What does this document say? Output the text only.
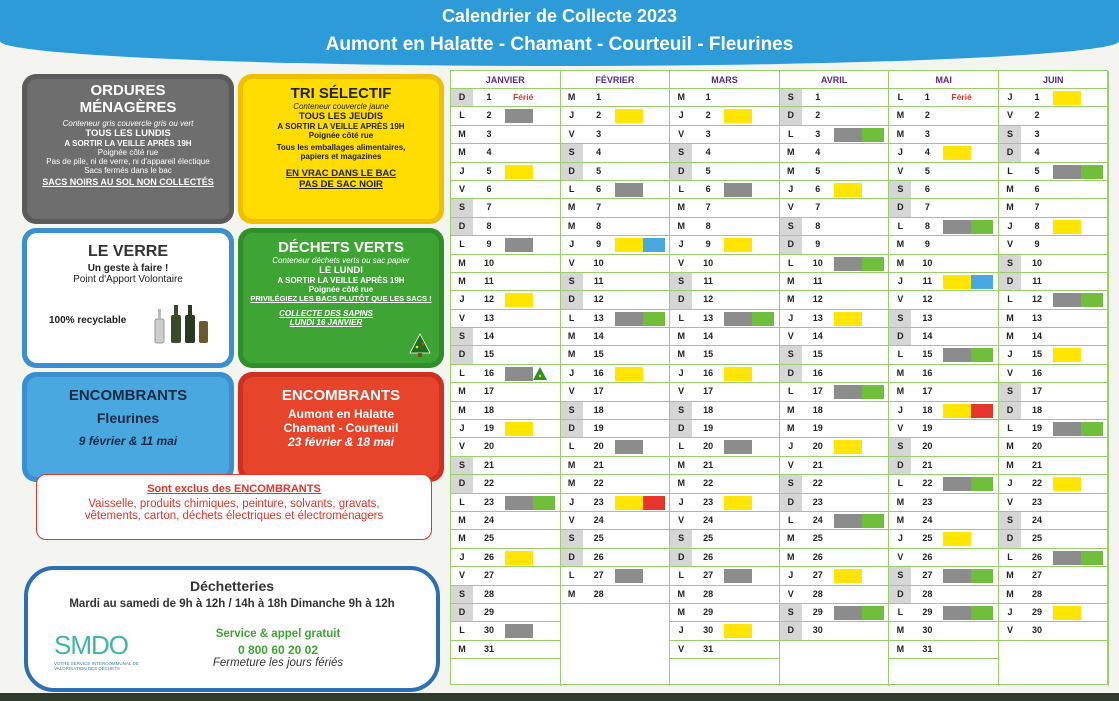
Calendrier de Collecte 2023
Aumont en Halatte - Chamant - Courteuil - Fleurines
ORDURES
MÉNAGÈRES
Conteneur gris couvercle gris ou vert
TOUS LES LUNDIS
A SORTIR LA VEILLE APRÈS 19H
Poignée côté rue
Pas de pile, ni de verre, ni d'appareil électique
Sacs fermés dans le bac
SACS NOIRS AU SOL NON COLLECTÉS
TRI SÉLECTIF
Conteneur couvercle jaune
TOUS LES JEUDIS
A SORTIR LA VEILLE APRÈS 19H
Poignée côté rue
Tous les emballages alimentaires,
papiers et magazines
EN VRAC DANS LE BAC
PAS DE SAC NOIR
LE VERRE
Un geste à faire !
Point d'Apport Volontaire
100% recyclable
DÉCHETS VERTS
Conteneur déchets verts ou sac papier
LE LUNDI
A SORTIR LA VEILLE APRÈS 19H
Poignée côté rue
PRIVILÉGIEZ LES BACS PLUTÔT QUE LES SACS !
COLLECTE DES SAPINS
LUNDI 16 JANVIER
ENCOMBRANTS
Fleurines
9 février & 11 mai
ENCOMBRANTS
Aumont en Halatte
Chamant - Courteuil
23 février & 18 mai
Sont exclus des ENCOMBRANTS
Vaisselle, produits chimiques, peinture, solvants, gravats,
vêtements, carton, déchets électriques et électroménagers
Déchetteries
Mardi au samedi de 9h à 12h / 14h à 18h Dimanche 9h à 12h
SMDO
VOTRE SERVICE INTERCOMMUNAL DE VALORISATION DES DÉCHETS
Service & appel gratuit
0 800 60 20 02
Fermeture les jours fériés
JANVIER
D	1	Férié
L	2
M	3
M	4
J	5
V	6
S	7
D	8
L	9
M	10
M	11
J	12
V	13
S	14
D	15
L	16
M	17
M	18
J	19
V	20
S	21
D	22
L	23
M	24
M	25
J	26
V	27
S	28
D	29
L	30
M	31
FÉVRIER
M	1
J	2
V	3
S	4
D	5
L	6
M	7
M	8
J	9
V	10
S	11
D	12
L	13
M	14
M	15
J	16
V	17
S	18
D	19
L	20
M	21
M	22
J	23
V	24
S	25
D	26
L	27
M	28
MARS
M	1
J	2
V	3
S	4
D	5
L	6
M	7
M	8
J	9
V	10
S	11
D	12
L	13
M	14
M	15
J	16
V	17
S	18
D	19
L	20
M	21
M	22
J	23
V	24
S	25
D	26
L	27
M	28
M	29
J	30
V	31
AVRIL
S	1
D	2
L	3
M	4
M	5
J	6
V	7
S	8
D	9
L	10
M	11
M	12
J	13
V	14
S	15
D	16
L	17
M	18
M	19
J	20
V	21
S	22
D	23
L	24
M	25
M	26
J	27
V	28
S	29
D	30
MAI
L	1	Férié
M	2
M	3
J	4
V	5
S	6
D	7
L	8
M	9
M	10
J	11
V	12
S	13
D	14
L	15
M	16
M	17
J	18
V	19
S	20
D	21
L	22
M	23
M	24
J	25
V	26
S	27
D	28
L	29
M	30
M	31
JUIN
J	1
V	2
S	3
D	4
L	5
M	6
M	7
J	8
V	9
S	10
D	11
L	12
M	13
M	14
J	15
V	16
S	17
D	18
L	19
M	20
M	21
J	22
V	23
S	24
D	25
L	26
M	27
M	28
J	29
V	30
